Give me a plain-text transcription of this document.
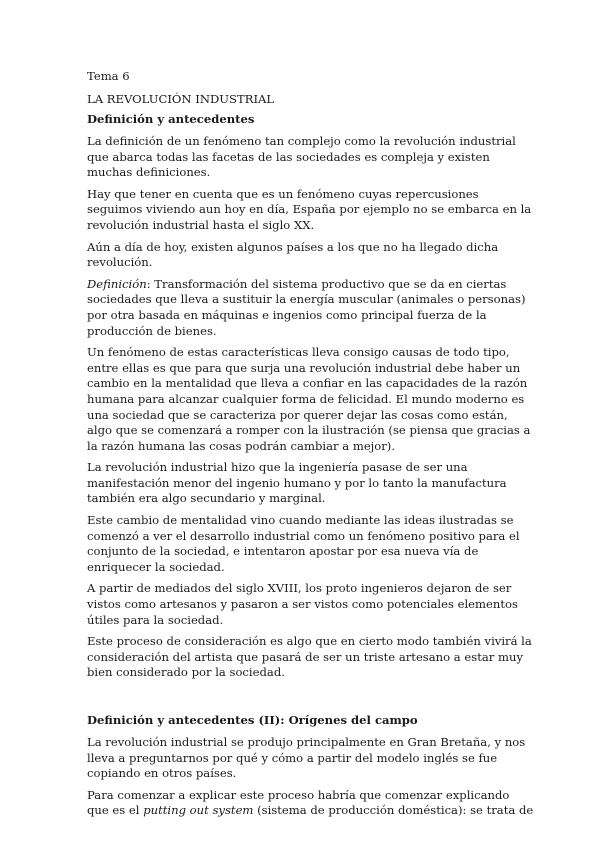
Tema 6
LA REVOLUCIÓN INDUSTRIAL
Definición y antecedentes
La definición de un fenómeno tan complejo como la revolución industrial
que abarca todas las facetas de las sociedades es compleja y existen
muchas definiciones.
Hay que tener en cuenta que es un fenómeno cuyas repercusiones
seguimos viviendo aun hoy en día, España por ejemplo no se embarca en la
revolución industrial hasta el siglo XX.
Aún a día de hoy, existen algunos países a los que no ha llegado dicha
revolución.
Definición: Transformación del sistema productivo que se da en ciertas
sociedades que lleva a sustituir la energía muscular (animales o personas)
por otra basada en máquinas e ingenios como principal fuerza de la
producción de bienes.
Un fenómeno de estas características lleva consigo causas de todo tipo,
entre ellas es que para que surja una revolución industrial debe haber un
cambio en la mentalidad que lleva a confiar en las capacidades de la razón
humana para alcanzar cualquier forma de felicidad. El mundo moderno es
una sociedad que se caracteriza por querer dejar las cosas como están,
algo que se comenzará a romper con la ilustración (se piensa que gracias a
la razón humana las cosas podrán cambiar a mejor).
La revolución industrial hizo que la ingeniería pasase de ser una
manifestación menor del ingenio humano y por lo tanto la manufactura
también era algo secundario y marginal.
Este cambio de mentalidad vino cuando mediante las ideas ilustradas se
comenzó a ver el desarrollo industrial como un fenómeno positivo para el
conjunto de la sociedad, e intentaron apostar por esa nueva vía de
enriquecer la sociedad.
A partir de mediados del siglo XVIII, los proto ingenieros dejaron de ser
vistos como artesanos y pasaron a ser vistos como potenciales elementos
útiles para la sociedad.
Este proceso de consideración es algo que en cierto modo también vivirá la
consideración del artista que pasará de ser un triste artesano a estar muy
bien considerado por la sociedad.
Definición y antecedentes (II): Orígenes del campo
La revolución industrial se produjo principalmente en Gran Bretaña, y nos
lleva a preguntarnos por qué y cómo a partir del modelo inglés se fue
copiando en otros países.
Para comenzar a explicar este proceso habría que comenzar explicando
que es el putting out system (sistema de producción doméstica): se trata de
